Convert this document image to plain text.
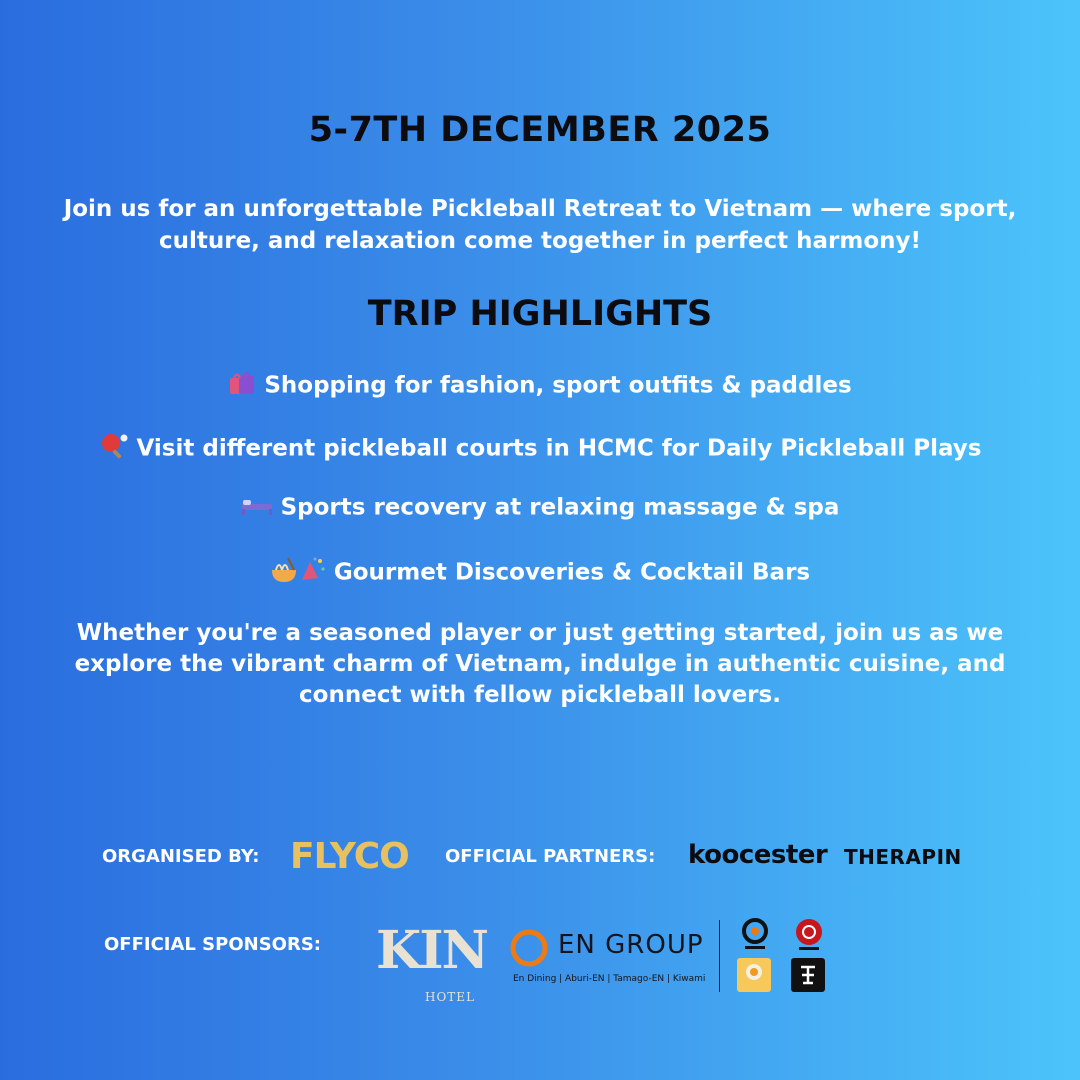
5-7TH DECEMBER 2025
Join us for an unforgettable Pickleball Retreat to Vietnam — where sport, culture, and relaxation come together in perfect harmony!
TRIP HIGHLIGHTS
Shopping for fashion, sport outfits & paddles
Visit different pickleball courts in HCMC for Daily Pickleball Plays
Sports recovery at relaxing massage & spa
Gourmet Discoveries & Cocktail Bars
Whether you're a seasoned player or just getting started, join us as we explore the vibrant charm of Vietnam, indulge in authentic cuisine, and connect with fellow pickleball lovers.
ORGANISED BY: FLYCO OFFICIAL PARTNERS: koocester THERAPIN
OFFICIAL SPONSORS: KIN
HOTEL
EN GROUP
En Dining | Aburi-EN | Tamago-EN | Kiwami
